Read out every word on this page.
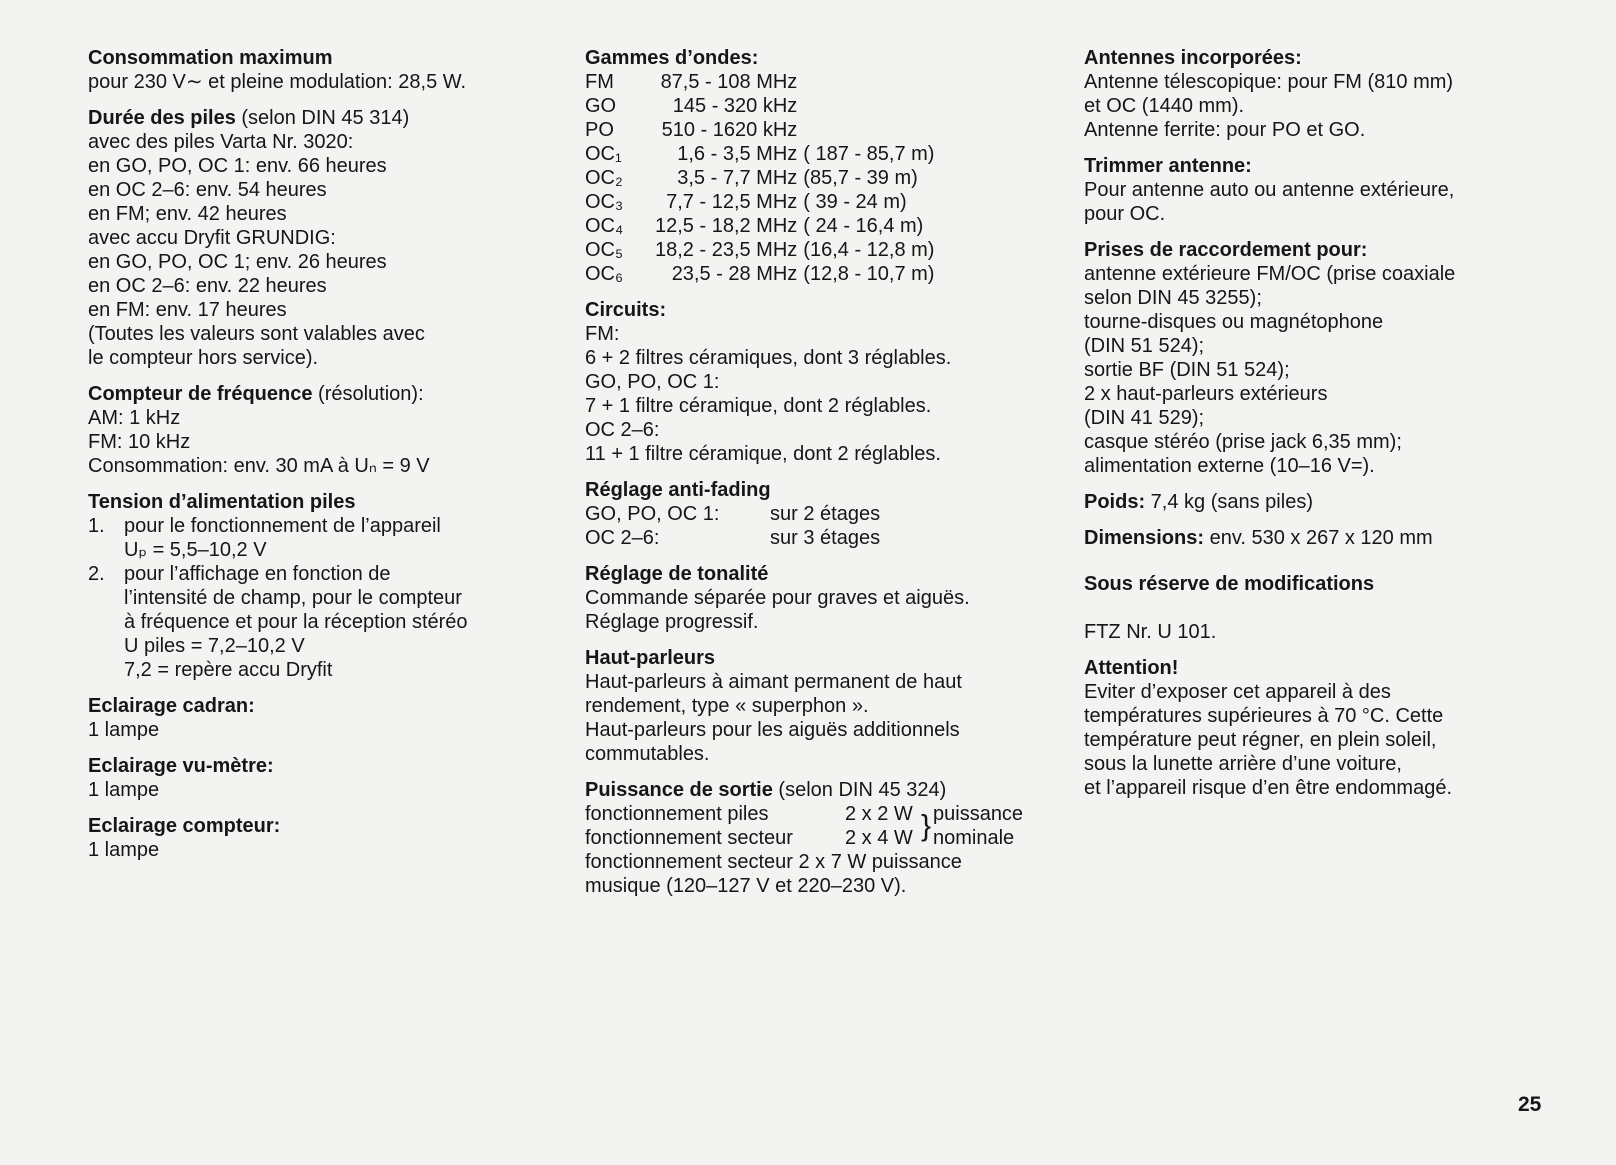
Consommation maximum
pour 230 V∼ et pleine modulation: 28,5 W.
Durée des piles (selon DIN 45 314)
avec des piles Varta Nr. 3020:
en GO, PO, OC 1: env. 66 heures
en OC 2–6: env. 54 heures
en FM; env. 42 heures
avec accu Dryfit GRUNDIG:
en GO, PO, OC 1; env. 26 heures
en OC 2–6: env. 22 heures
en FM: env. 17 heures
(Toutes les valeurs sont valables avec
le compteur hors service).
Compteur de fréquence (résolution):
AM: 1 kHz
FM: 10 kHz
Consommation: env. 30 mA à Uₙ = 9 V
Tension d’alimentation piles
1. pour le fonctionnement de l’appareil
Uₚ = 5,5–10,2 V
2. pour l’affichage en fonction de
l’intensité de champ, pour le compteur
à fréquence et pour la réception stéréo
U piles = 7,2–10,2 V
7,2 = repère accu Dryfit
Eclairage cadran:
1 lampe
Eclairage vu-mètre:
1 lampe
Eclairage compteur:
1 lampe
Gammes d’ondes:
FM	87,5 - 108 MHz	
GO	145 - 320 kHz	
PO	510 - 1620 kHz	
OC₁	1,6 - 3,5 MHz	( 187 - 85,7 m)
OC₂	3,5 - 7,7 MHz	(85,7 - 39 m)
OC₃	7,7 - 12,5 MHz	( 39 - 24 m)
OC₄	12,5 - 18,2 MHz	( 24 - 16,4 m)
OC₅	18,2 - 23,5 MHz	(16,4 - 12,8 m)
OC₆	23,5 - 28 MHz	(12,8 - 10,7 m)
Circuits:
FM:
6 + 2 filtres céramiques, dont 3 réglables.
GO, PO, OC 1:
7 + 1 filtre céramique, dont 2 réglables.
OC 2–6:
11 + 1 filtre céramique, dont 2 réglables.
Réglage anti-fading
GO, PO, OC 1:	sur 2 étages
OC 2–6:	sur 3 étages
Réglage de tonalité
Commande séparée pour graves et aiguës.
Réglage progressif.
Haut-parleurs
Haut-parleurs à aimant permanent de haut
rendement, type « superphon ».
Haut-parleurs pour les aiguës additionnels
commutables.
Puissance de sortie (selon DIN 45 324)
fonctionnement piles	2 x 2 W	}	puissance
fonctionnement secteur	2 x 4 W		nominale
fonctionnement secteur 2 x 7 W puissance
musique (120–127 V et 220–230 V).
Antennes incorporées:
Antenne télescopique: pour FM (810 mm)
et OC (1440 mm).
Antenne ferrite: pour PO et GO.
Trimmer antenne:
Pour antenne auto ou antenne extérieure,
pour OC.
Prises de raccordement pour:
antenne extérieure FM/OC (prise coaxiale
selon DIN 45 3255);
tourne-disques ou magnétophone
(DIN 51 524);
sortie BF (DIN 51 524);
2 x haut-parleurs extérieurs
(DIN 41 529);
casque stéréo (prise jack 6,35 mm);
alimentation externe (10–16 V=).
Poids: 7,4 kg (sans piles)
Dimensions: env. 530 x 267 x 120 mm
Sous réserve de modifications
FTZ Nr. U 101.
Attention!
Eviter d’exposer cet appareil à des
températures supérieures à 70 °C. Cette
température peut régner, en plein soleil,
sous la lunette arrière d’une voiture,
et l’appareil risque d’en être endommagé.
25
